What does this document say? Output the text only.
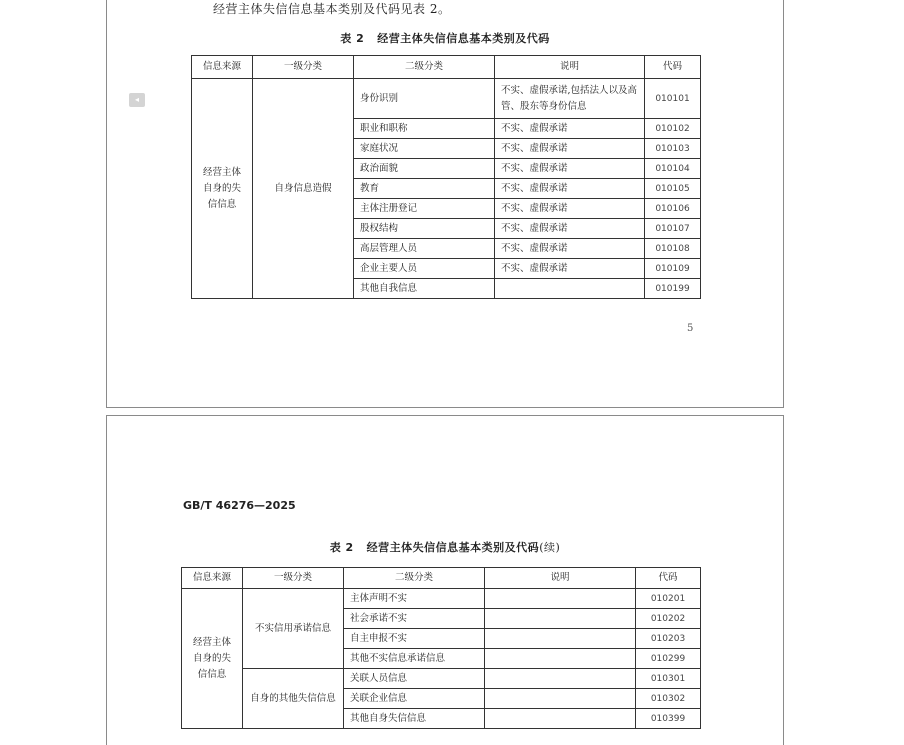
经营主体失信信息基本类别及代码见表 2。
表 2   经营主体失信信息基本类别及代码
◂
信息来源	一级分类	二级分类	说明	代码
经营主体自身的失信信息	自身信息造假	身份识别	不实、虚假承诺,包括法人以及高管、股东等身份信息	010101
		职业和职称	不实、虚假承诺	010102
		家庭状况	不实、虚假承诺	010103
		政治面貌	不实、虚假承诺	010104
		教育	不实、虚假承诺	010105
		主体注册登记	不实、虚假承诺	010106
		股权结构	不实、虚假承诺	010107
		高层管理人员	不实、虚假承诺	010108
		企业主要人员	不实、虚假承诺	010109
		其他自我信息		010199
5
GB/T 46276—2025
表 2   经营主体失信信息基本类别及代码(续)
信息来源	一级分类	二级分类	说明	代码
经营主体自身的失信信息	不实信用承诺信息	主体声明不实		010201
		社会承诺不实		010202
		自主申报不实		010203
		其他不实信息承诺信息		010299
	自身的其他失信信息	关联人员信息		010301
		关联企业信息		010302
		其他自身失信信息		010399
